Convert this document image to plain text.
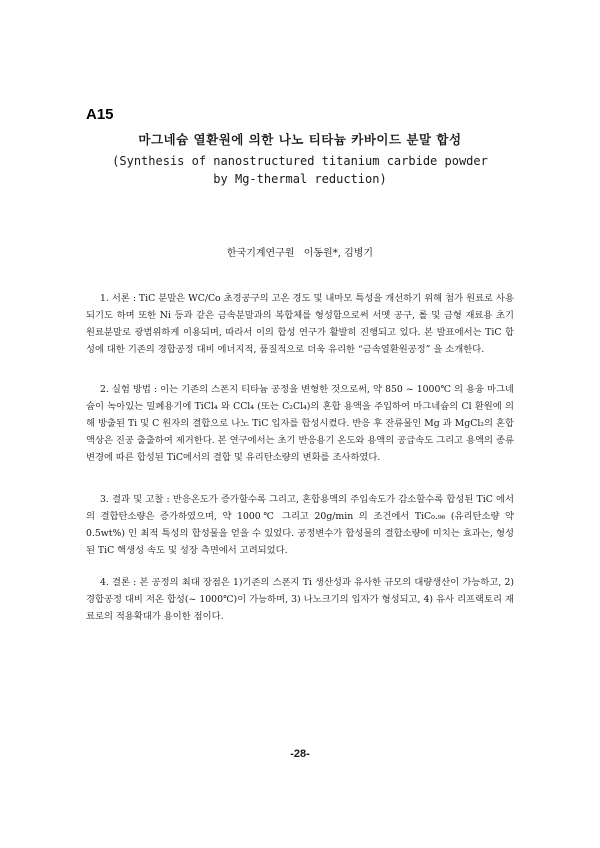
A15
마그네슘 열환원에 의한 나노 티타늄 카바이드 분말 합성
(Synthesis of nanostructured titanium carbide powder
by Mg-thermal reduction)
한국기계연구원 이동원*, 김병기

1. 서론 : TiC 분말은 WC/Co 초경공구의 고온 경도 및 내마모 특성을 개선하기 위해 첨가 원료로 사용되기도 하며 또한 Ni 등과 같은 금속분말과의 복합체를 형성함으로써 서멧 공구, 롤 및 금형 재료용 초기 원료분말로 광범위하게 이용되며, 따라서 이의 합성 연구가 활발히 진행되고 있다. 본 발표에서는 TiC 합성에 대한 기존의 경합공정 대비 에너지적, 품질적으로 더욱 유리한 “금속열환원공정” 을 소개한다.

2. 실험 방법 : 이는 기존의 스폰지 티타늄 공정을 변형한 것으로써, 약 850 ~ 1000℃ 의 용융 마그네슘이 녹아있는 밀폐용기에 TiCl₄ 와 CCl₄ (또는 C₂Cl₄)의 혼합 용액을 주입하여 마그네슘의 Cl 환원에 의해 방출된 Ti 및 C 원자의 결합으로 나노 TiC 입자를 합성시켰다. 반응 후 잔류물인 Mg 과 MgCl₂의 혼합 액상은 진공 출출하여 제거한다. 본 연구에서는 초기 반응용기 온도와 용액의 공급속도 그리고 용액의 종류 변경에 따른 합성된 TiC에서의 결합 및 유리탄소량의 변화를 조사하였다.

3. 결과 및 고찰 : 반응온도가 증가할수록 그리고, 혼합용액의 주입속도가 감소할수록 합성된 TiC 에서의 결합탄소량은 증가하였으며, 약 1000℃ 그리고 20g/min 의 조건에서 TiC₀.₉₆ (유리탄소량 약 0.5wt%) 인 최적 특성의 합성물을 얻을 수 있었다. 공정변수가 합성물의 결합소량에 미치는 효과는, 형성된 TiC 핵생성 속도 및 성장 측면에서 고려되었다.

4. 결론 : 본 공정의 최대 장점은 1)기존의 스폰지 Ti 생산성과 유사한 규모의 대량생산이 가능하고, 2) 경합공정 대비 저온 합성(~ 1000℃)이 가능하며, 3) 나노크기의 입자가 형성되고, 4) 유사 리프랙토리 재료로의 적용확대가 용이한 점이다.

-28-
